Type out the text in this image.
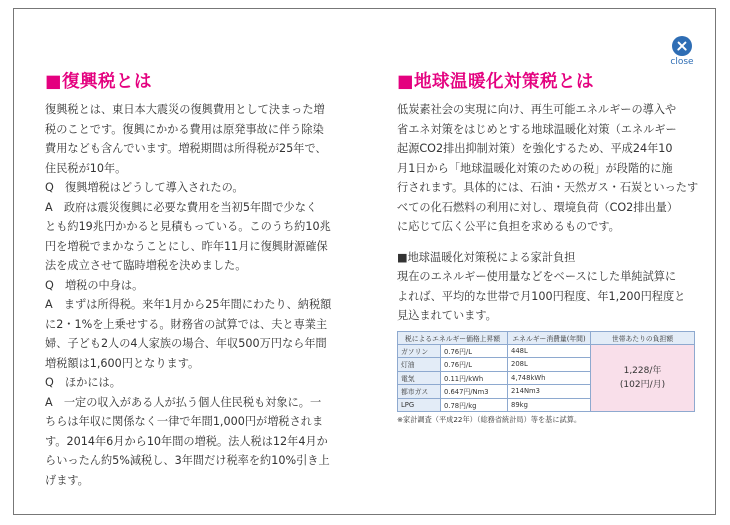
close
■復興税とは

復興税とは、東日本大震災の復興費用として決まった増
税のことです。復興にかかる費用は原発事故に伴う除染
費用なども含んでいます。増税期間は所得税が25年で、
住民税が10年。
Q　復興増税はどうして導入されたの。
A　政府は震災復興に必要な費用を当初5年間で少なく
とも約19兆円かかると見積もっている。このうち約10兆
円を増税でまかなうことにし、昨年11月に復興財源確保
法を成立させて臨時増税を決めました。
Q　増税の中身は。
A　まずは所得税。来年1月から25年間にわたり、納税額
に2・1%を上乗せする。財務省の試算では、夫と専業主
婦、子ども2人の4人家族の場合、年収500万円なら年間
増税額は1,600円となります。
Q　ほかには。
A　一定の収入がある人が払う個人住民税も対象に。一
ちらは年収に関係なく一律で年間1,000円が増税されま
す。2014年6月から10年間の増税。法人税は12年4月か
らいったん約5%減税し、3年間だけ税率を約10%引き上
げます。

■地球温暖化対策税とは

低炭素社会の実現に向け、再生可能エネルギーの導入や
省エネ対策をはじめとする地球温暖化対策（エネルギー
起源CO2排出抑制対策）を強化するため、平成24年10
月1日から「地球温暖化対策のための税」が段階的に施
行されます。具体的には、石油・天然ガス・石炭といったす
べての化石燃料の利用に対し、環境負荷（CO2排出量）
に応じて広く公平に負担を求めるものです。

■地球温暖化対策税による家計負担

現在のエネルギー使用量などをベースにした単純試算に
よれば、平均的な世帯で月100円程度、年1,200円程度と
見込まれています。

税によるエネルギー価格上昇額		エネルギー消費量(年間)	世帯あたりの負担額
ガソリン	0.76円/L	448L	1,228/年
(102円/月)

灯油	0.76円/L	208L	
電気	0.11円/kWh	4,748kWh	
都市ガス	0.647円/Nm3	214Nm3	
LPG	0.78円/kg	89kg	
※家計調査（平成22年）（総務省統計局）等を基に試算。
